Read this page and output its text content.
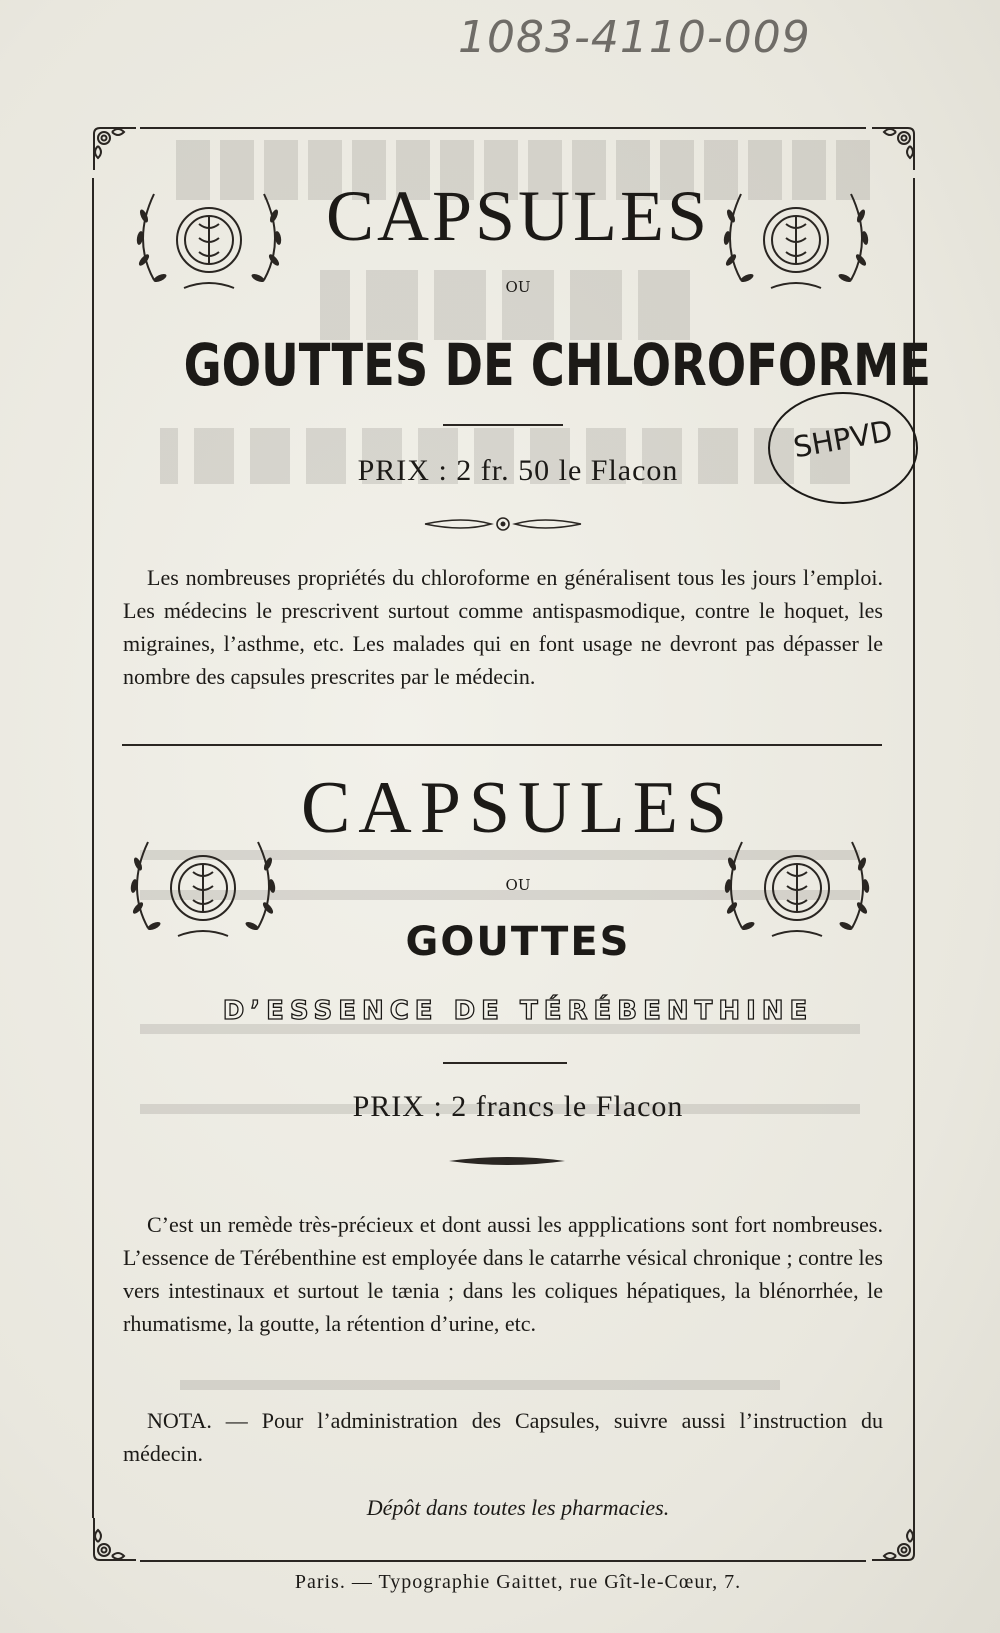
1083-4110-009
CAPSULES
OU
GOUTTES DE CHLOROFORME
PRIX : 2 fr. 50 le Flacon
Les nombreuses propriétés du chloroforme en généralisent tous les jours l’emploi. Les médecins le prescrivent surtout comme antispasmodique, contre le hoquet, les migraines, l’asthme, etc. Les malades qui en font usage ne devront pas dépasser le nombre des capsules prescrites par le médecin.
SHPVD
CAPSULES
OU
GOUTTES
D’ESSENCE DE TÉRÉBENTHINE
PRIX : 2 francs le Flacon
C’est un remède très-précieux et dont aussi les appplications sont fort nombreuses. L’essence de Térébenthine est employée dans le catarrhe vésical chronique ; contre les vers intestinaux et surtout le tænia ; dans les coliques hépatiques, la blénorrhée, le rhumatisme, la goutte, la rétention d’urine, etc.
NOTA. — Pour l’administration des Capsules, suivre aussi l’instruction du médecin.
Dépôt dans toutes les pharmacies.
Paris. — Typographie Gaittet, rue Gît-le-Cœur, 7.
